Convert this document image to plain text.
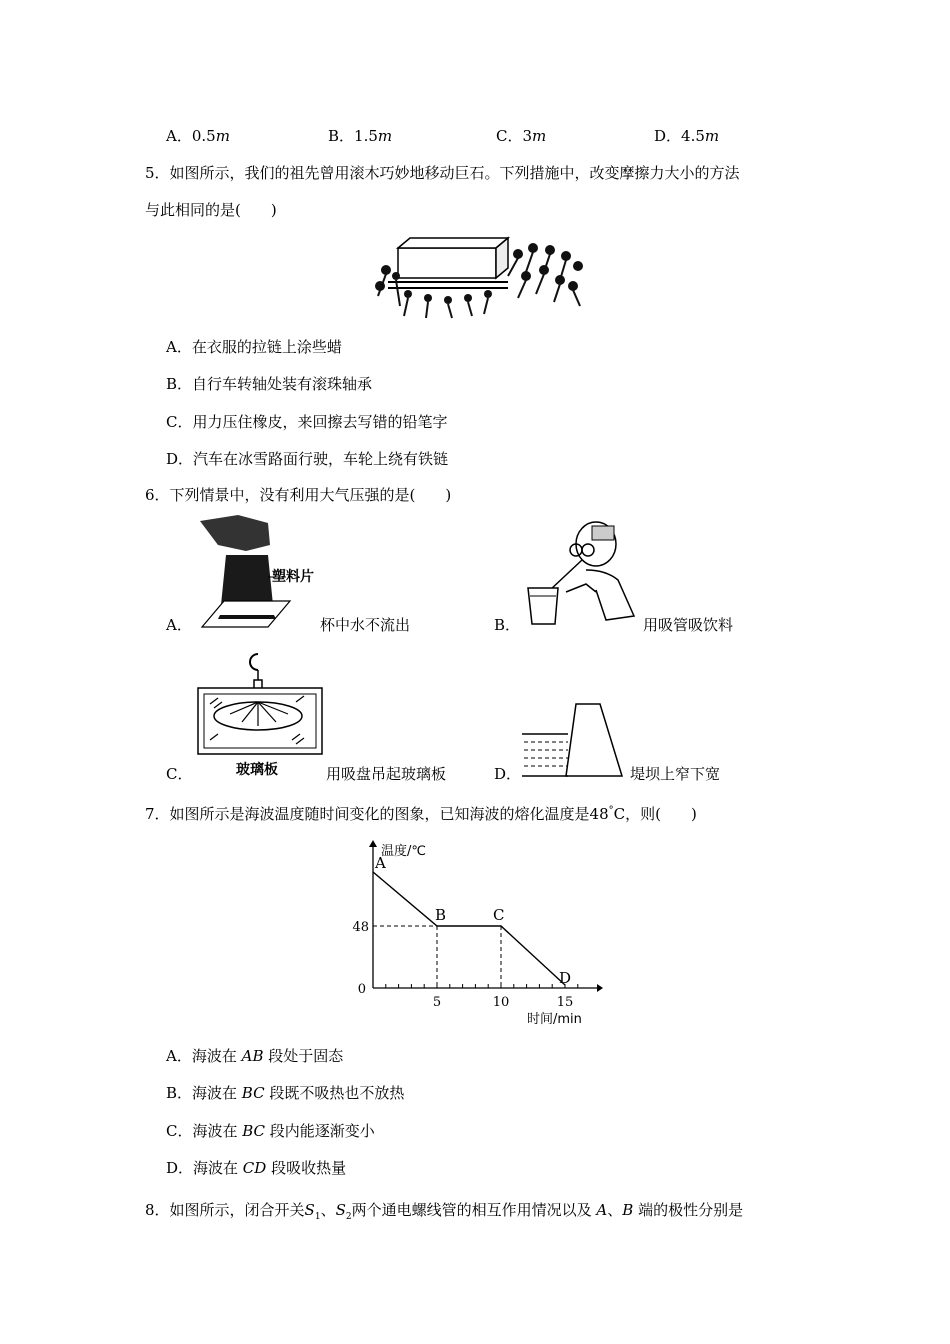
A．0.5m	B．1.5m	C．3m	D．4.5m
5．如图所示，我们的祖先曾用滚木巧妙地移动巨石。下列措施中，改变摩擦力大小的方法
与此相同的是(　　)
A．在衣服的拉链上涂些蜡
B．自行车转轴处装有滚珠轴承
C．用力压住橡皮，来回擦去写错的铅笔字
D．汽车在冰雪路面行驶，车轮上绕有铁链
6．下列情景中，没有利用大气压强的是(　　)
A．
塑料片
杯中水不流出	B．	用吸管吸饮料
C．	玻璃板	用吸盘吊起玻璃板	D．	堤坝上窄下宽
7．如图所示是海波温度随时间变化的图象，已知海波的熔化温度是48°C，则(　　)
A
B	C
D
5	10	15
0
48
温度/℃
时间/min
A．海波在 AB 段处于固态
B．海波在 BC 段既不吸热也不放热
C．海波在 BC 段内能逐渐变小
D．海波在 CD 段吸收热量
8．如图所示，闭合开关$S_1$、$S_2$两个通电螺线管的相互作用情况以及 A、B 端的极性分别是
